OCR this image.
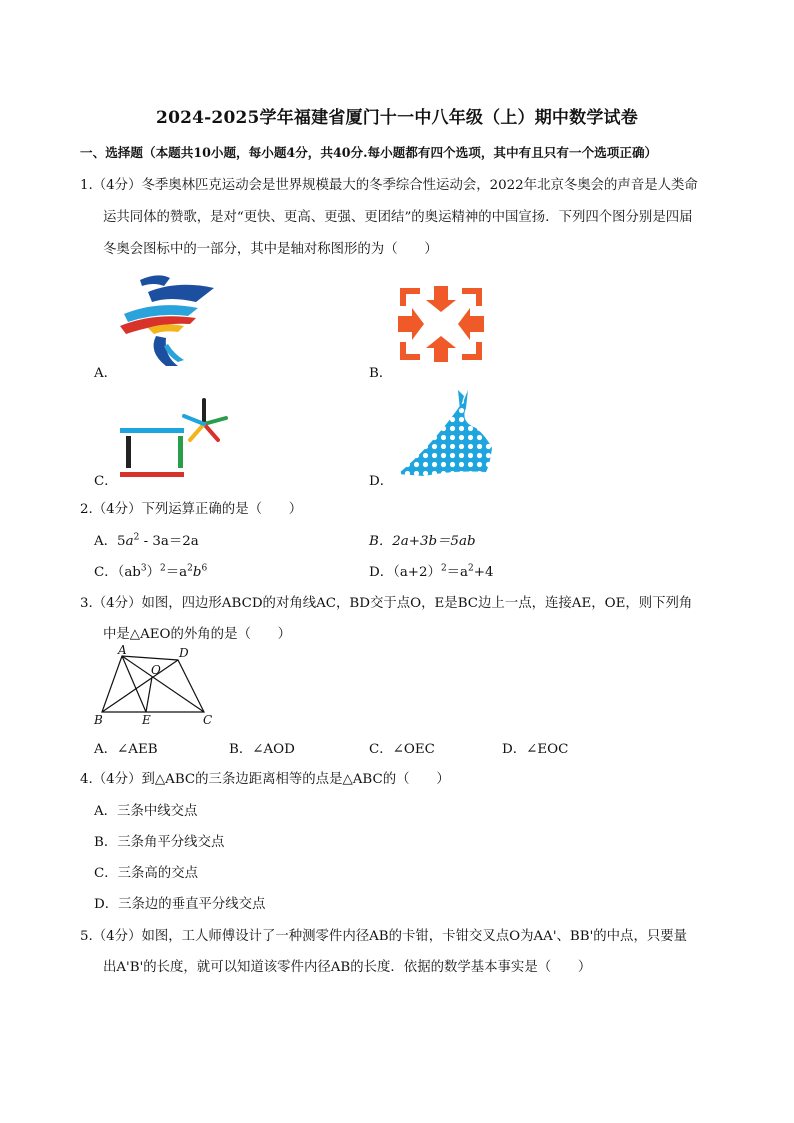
2024-2025学年福建省厦门十一中八年级（上）期中数学试卷
一、选择题（本题共10小题，每小题4分，共40分.每小题都有四个选项，其中有且只有一个选项正确）
1.（4分）冬季奥林匹克运动会是世界规模最大的冬季综合性运动会，2022年北京冬奥会的声音是人类命
运共同体的赞歌，是对“更快、更高、更强、更团结”的奥运精神的中国宣扬．下列四个图分别是四届
冬奥会图标中的一部分，其中是轴对称图形的为（　　）
A．	B．
C．	D．
2.（4分）下列运算正确的是（　　）
A．$5a^2 - 3a=2a$	B．2a+3b＝5ab
C．$(ab^3)^2=a^2b^6$	D．$(a+2)^2=a^2+4$
3.（4分）如图，四边形ABCD的对角线AC，BD交于点O，E是BC边上一点，连接AE，OE，则下列角
中是△AEO的外角的是（　　）
A	D
O
B	E	C
A．∠AEB	B．∠AOD	C．∠OEC	D．∠EOC
4.（4分）到△ABC的三条边距离相等的点是△ABC的（　　）
A．三条中线交点
B．三条角平分线交点
C．三条高的交点
D．三条边的垂直平分线交点
5.（4分）如图，工人师傅设计了一种测零件内径AB的卡钳，卡钳交叉点O为AA'、BB'的中点，只要量
出A'B'的长度，就可以知道该零件内径AB的长度．依据的数学基本事实是（　　）
